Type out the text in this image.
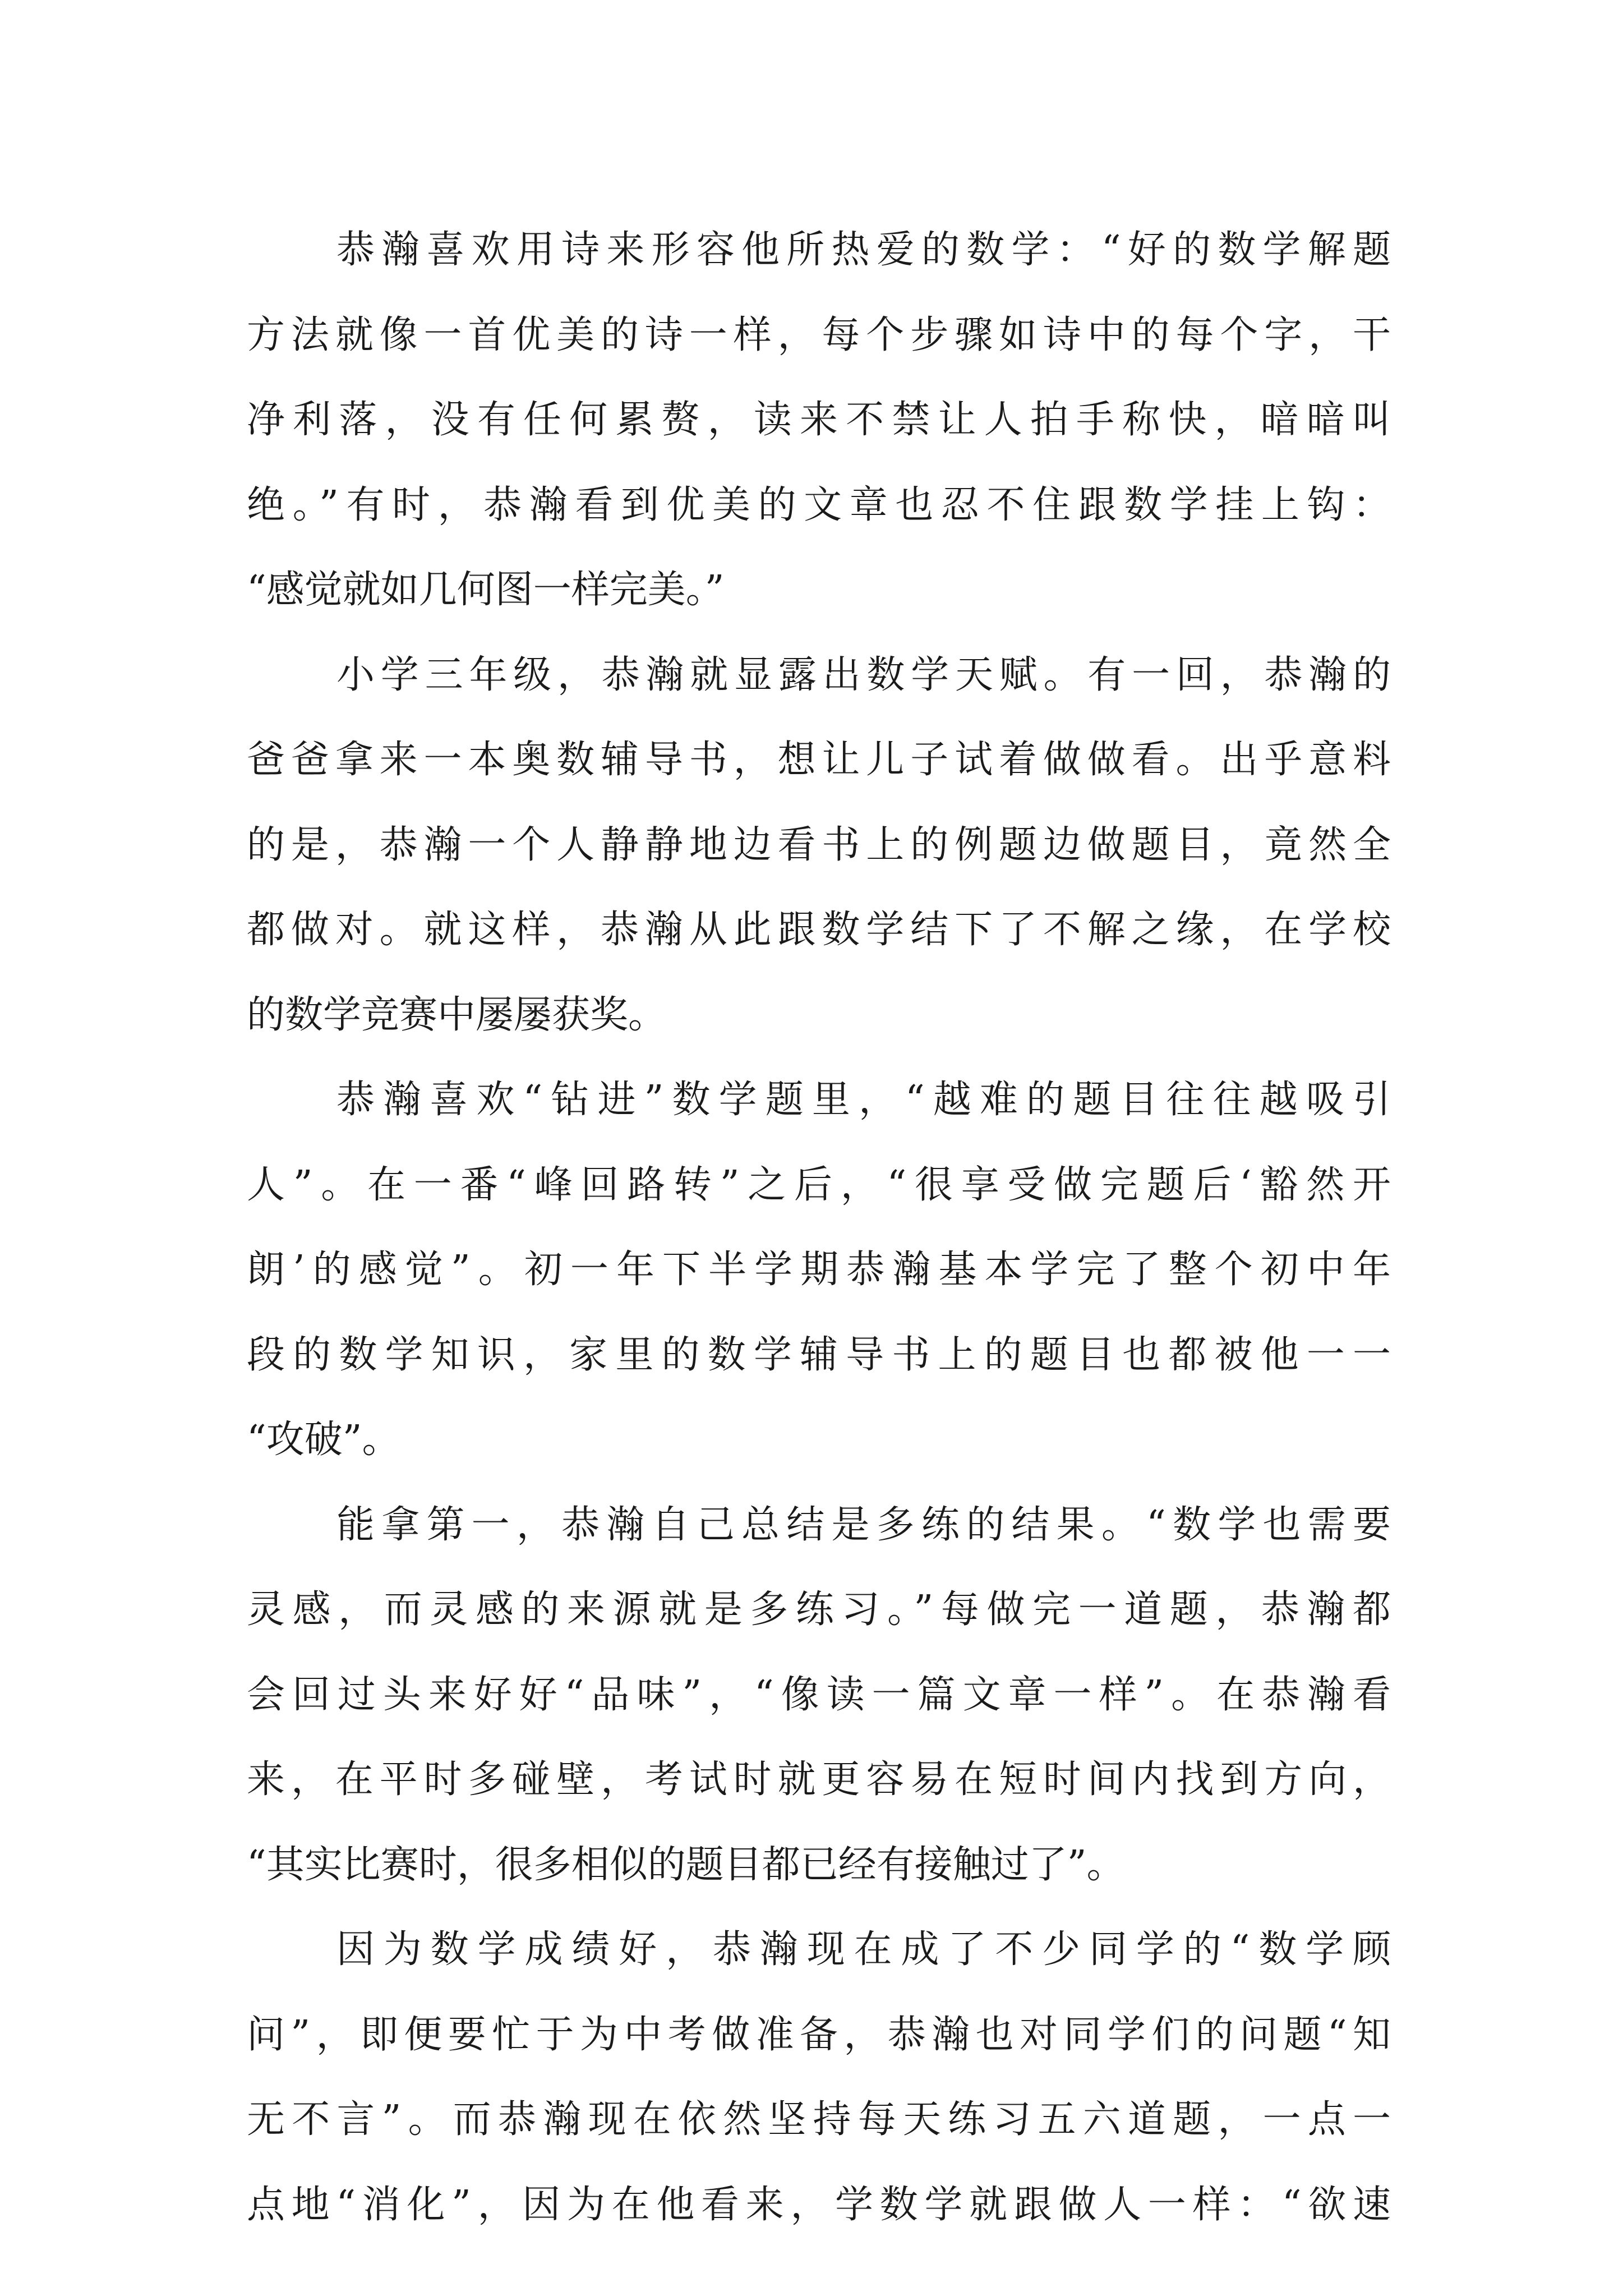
恭瀚喜欢用诗来形容他所热爱的数学：“好的数学解题
方法就像一首优美的诗一样，每个步骤如诗中的每个字，干
净利落，没有任何累赘，读来不禁让人拍手称快，暗暗叫
绝。”有时，恭瀚看到优美的文章也忍不住跟数学挂上钩：
“感觉就如几何图一样完美。”
小学三年级，恭瀚就显露出数学天赋。有一回，恭瀚的
爸爸拿来一本奥数辅导书，想让儿子试着做做看。出乎意料
的是，恭瀚一个人静静地边看书上的例题边做题目，竟然全
都做对。就这样，恭瀚从此跟数学结下了不解之缘，在学校
的数学竞赛中屡屡获奖。
恭瀚喜欢“钻进”数学题里，“越难的题目往往越吸引
人”。在一番“峰回路转”之后，“很享受做完题后‘豁然开
朗’的感觉”。初一年下半学期恭瀚基本学完了整个初中年
段的数学知识，家里的数学辅导书上的题目也都被他一一
“攻破”。
能拿第一，恭瀚自己总结是多练的结果。“数学也需要
灵感，而灵感的来源就是多练习。”每做完一道题，恭瀚都
会回过头来好好“品味”，“像读一篇文章一样”。在恭瀚看
来，在平时多碰壁，考试时就更容易在短时间内找到方向，
“其实比赛时，很多相似的题目都已经有接触过了”。
因为数学成绩好，恭瀚现在成了不少同学的“数学顾
问”，即便要忙于为中考做准备，恭瀚也对同学们的问题“知
无不言”。而恭瀚现在依然坚持每天练习五六道题，一点一
点地“消化”，因为在他看来，学数学就跟做人一样：“欲速
